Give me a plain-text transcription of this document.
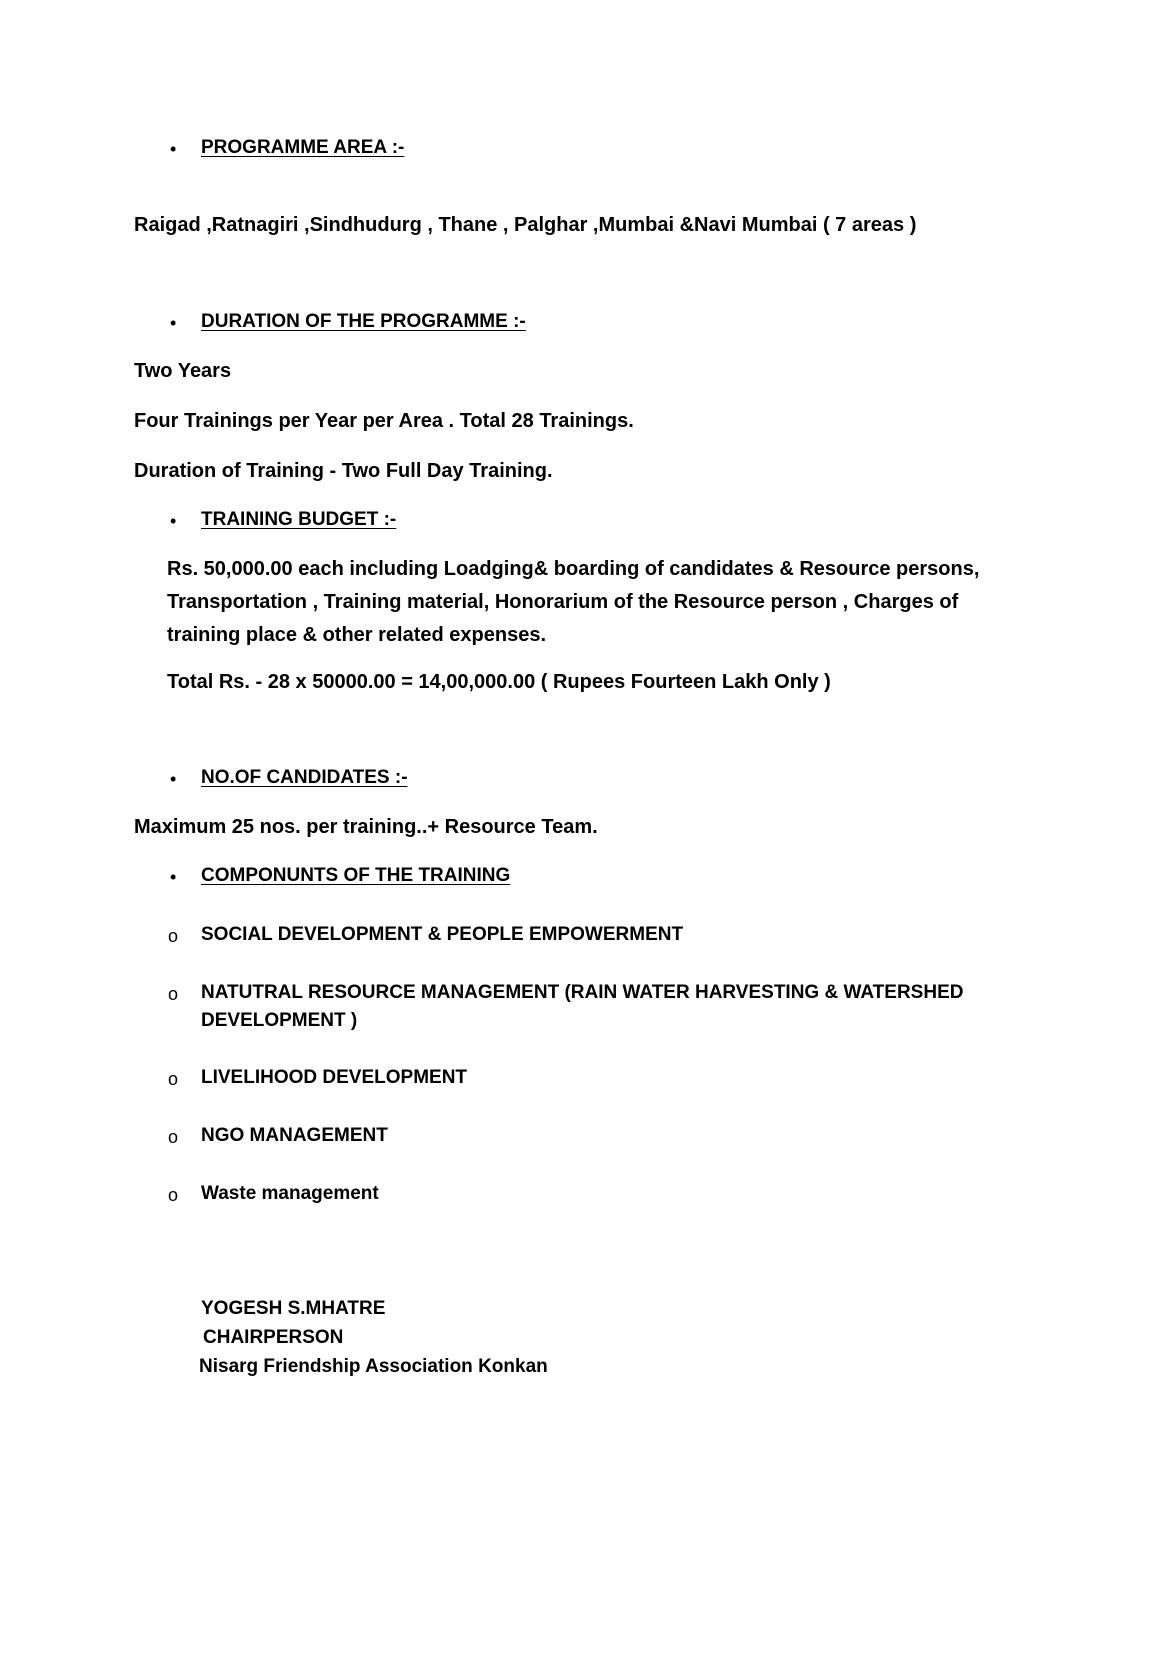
• PROGRAMME AREA :-
Raigad ,Ratnagiri ,Sindhudurg , Thane , Palghar ,Mumbai &Navi Mumbai ( 7 areas )
• DURATION OF THE PROGRAMME :-
Two Years
Four Trainings per Year per Area . Total 28 Trainings.
Duration of Training - Two Full Day Training.
• TRAINING BUDGET :-
Rs. 50,000.00 each including Loadging& boarding of candidates & Resource persons, Transportation , Training material, Honorarium of the Resource person , Charges of training place & other related expenses.
Total Rs. - 28 x 50000.00 = 14,00,000.00 ( Rupees Fourteen Lakh Only )
• NO.OF CANDIDATES :-
Maximum 25 nos. per training..+ Resource Team.
• COMPONUNTS OF THE TRAINING
o SOCIAL DEVELOPMENT & PEOPLE EMPOWERMENT
o NATUTRAL RESOURCE MANAGEMENT (RAIN WATER HARVESTING & WATERSHED
DEVELOPMENT )
o LIVELIHOOD DEVELOPMENT
o NGO MANAGEMENT
o Waste management
YOGESH S.MHATRE
CHAIRPERSON
Nisarg Friendship Association Konkan
